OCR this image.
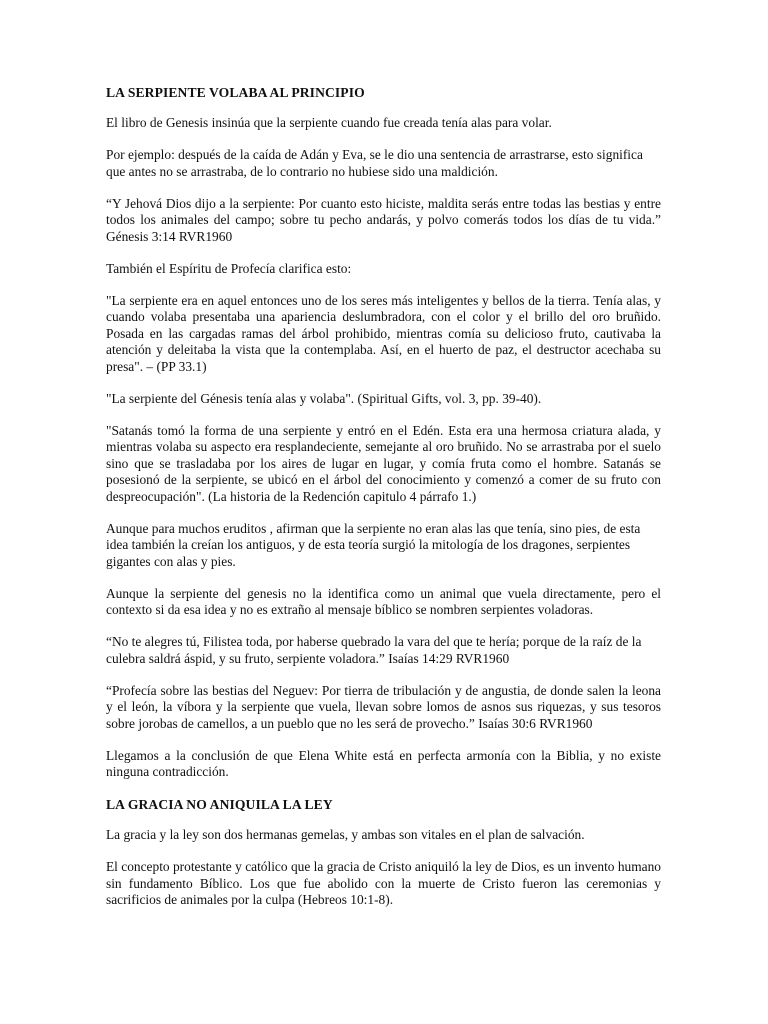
LA SERPIENTE VOLABA AL PRINCIPIO

El libro de Genesis insinúa que la serpiente cuando fue creada tenía alas para volar.

Por ejemplo: después de la caída de Adán y Eva, se le dio una sentencia de arrastrarse, esto significa que antes no se arrastraba, de lo contrario no hubiese sido una maldición.

“Y Jehová Dios dijo a la serpiente: Por cuanto esto hiciste, maldita serás entre todas las bestias y entre todos los animales del campo; sobre tu pecho andarás, y polvo comerás todos los días de tu vida.” Génesis 3:14 RVR1960

También el Espíritu de Profecía clarifica esto:

"La serpiente era en aquel entonces uno de los seres más inteligentes y bellos de la tierra. Tenía alas, y cuando volaba presentaba una apariencia deslumbradora, con el color y el brillo del oro bruñido. Posada en las cargadas ramas del árbol prohibido, mientras comía su delicioso fruto, cautivaba la atención y deleitaba la vista que la contemplaba. Así, en el huerto de paz, el destructor acechaba su presa". – (PP 33.1)

"La serpiente del Génesis tenía alas y volaba". (Spiritual Gifts, vol. 3, pp. 39-40).

"Satanás tomó la forma de una serpiente y entró en el Edén. Esta era una hermosa criatura alada, y mientras volaba su aspecto era resplandeciente, semejante al oro bruñido. No se arrastraba por el suelo sino que se trasladaba por los aires de lugar en lugar, y comía fruta como el hombre. Satanás se posesionó de la serpiente, se ubicó en el árbol del conocimiento y comenzó a comer de su fruto con despreocupación". (La historia de la Redención capitulo 4 párrafo 1.)

Aunque para muchos eruditos , afirman que la serpiente no eran alas las que tenía, sino pies, de esta idea también la creían los antiguos, y de esta teoría surgió la mitología de los dragones, serpientes gigantes con alas y pies.

Aunque la serpiente del genesis no la identifica como un animal que vuela directamente, pero el contexto si da esa idea y no es extraño al mensaje bíblico se nombren serpientes voladoras.

“No te alegres tú, Filistea toda, por haberse quebrado la vara del que te hería; porque de la raíz de la culebra saldrá áspid, y su fruto, serpiente voladora.” Isaías 14:29 RVR1960

“Profecía sobre las bestias del Neguev: Por tierra de tribulación y de angustia, de donde salen la leona y el león, la víbora y la serpiente que vuela, llevan sobre lomos de asnos sus riquezas, y sus tesoros sobre jorobas de camellos, a un pueblo que no les será de provecho.” Isaías 30:6 RVR1960

Llegamos a la conclusión de que Elena White está en perfecta armonía con la Biblia, y no existe ninguna contradicción.

LA GRACIA NO ANIQUILA LA LEY

La gracia y la ley son dos hermanas gemelas, y ambas son vitales en el plan de salvación.

El concepto protestante y católico que la gracia de Cristo aniquiló la ley de Dios, es un invento humano sin fundamento Bíblico. Los que fue abolido con la muerte de Cristo fueron las ceremonias y sacrificios de animales por la culpa (Hebreos 10:1-8).
